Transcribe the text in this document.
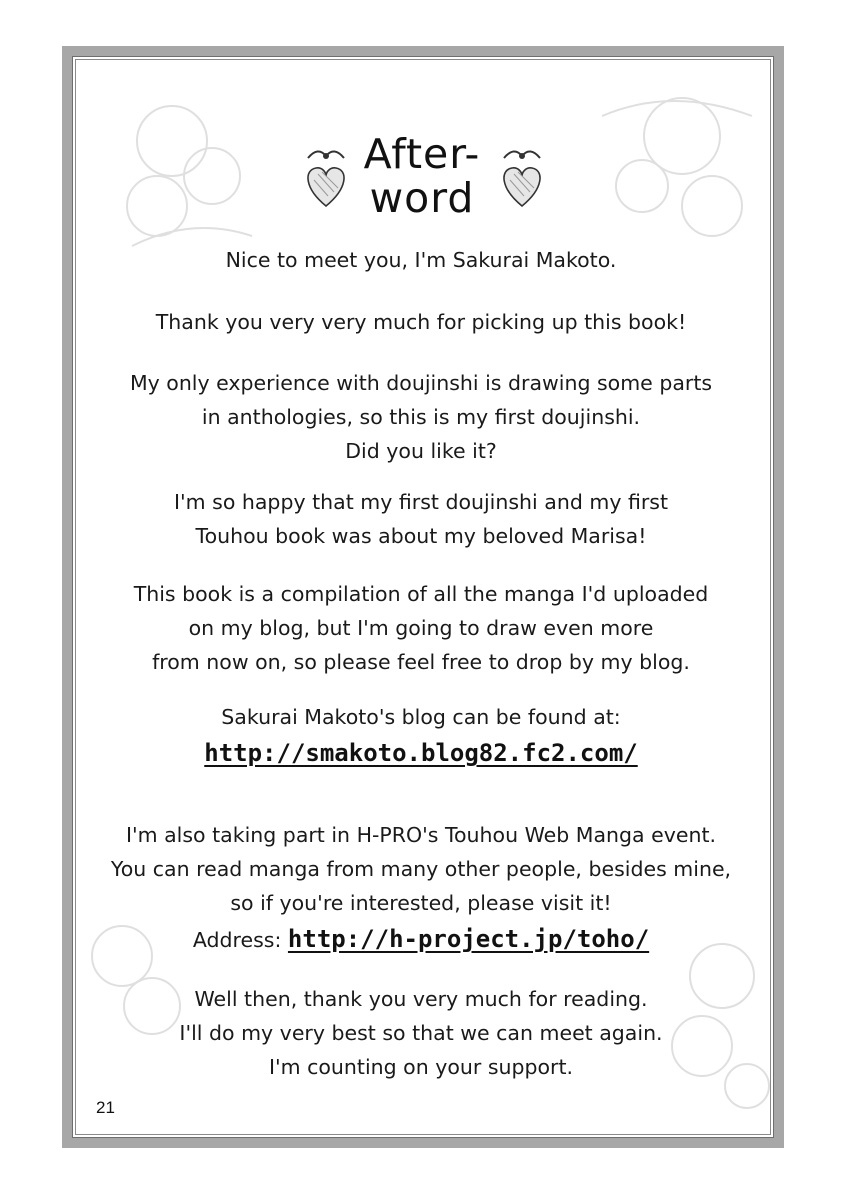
After-
word
Nice to meet you, I'm Sakurai Makoto.
Thank you very very much for picking up this book!
My only experience with doujinshi is drawing some parts
in anthologies, so this is my first doujinshi.
Did you like it?
I'm so happy that my first doujinshi and my first
Touhou book was about my beloved Marisa!
This book is a compilation of all the manga I'd uploaded
on my blog, but I'm going to draw even more
from now on, so please feel free to drop by my blog.
Sakurai Makoto's blog can be found at:
http://smakoto.blog82.fc2.com/
I'm also taking part in H-PRO's Touhou Web Manga event.
You can read manga from many other people, besides mine,
so if you're interested, please visit it!
Address: http://h-project.jp/toho/
Well then, thank you very much for reading.
I'll do my very best so that we can meet again.
I'm counting on your support.
21
